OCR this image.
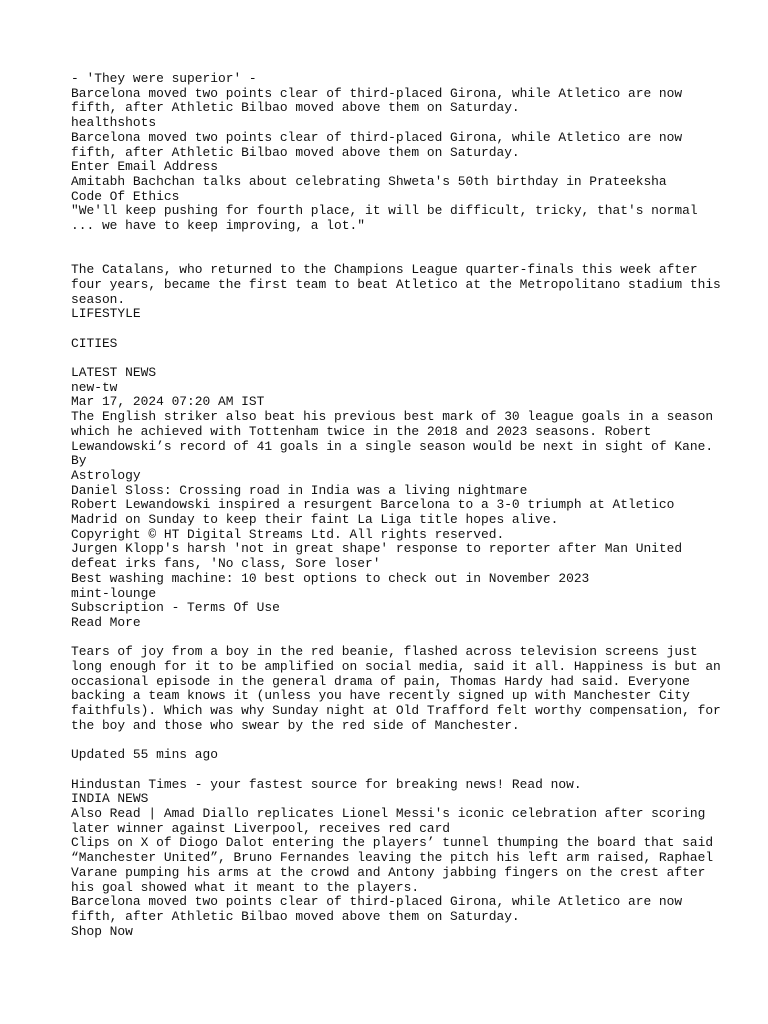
- 'They were superior' -
Barcelona moved two points clear of third-placed Girona, while Atletico are now fifth, after Athletic Bilbao moved above them on Saturday.
healthshots
Barcelona moved two points clear of third-placed Girona, while Atletico are now fifth, after Athletic Bilbao moved above them on Saturday.
Enter Email Address
Amitabh Bachchan talks about celebrating Shweta's 50th birthday in Prateeksha
Code Of Ethics
"We'll keep pushing for fourth place, it will be difficult, tricky, that's normal ... we have to keep improving, a lot."
The Catalans, who returned to the Champions League quarter-finals this week after four years, became the first team to beat Atletico at the Metropolitano stadium this season.
LIFESTYLE
CITIES
LATEST NEWS
new-tw
Mar 17, 2024 07:20 AM IST
The English striker also beat his previous best mark of 30 league goals in a season which he achieved with Tottenham twice in the 2018 and 2023 seasons. Robert Lewandowski’s record of 41 goals in a single season would be next in sight of Kane.
By
Astrology
Daniel Sloss: Crossing road in India was a living nightmare
Robert Lewandowski inspired a resurgent Barcelona to a 3-0 triumph at Atletico Madrid on Sunday to keep their faint La Liga title hopes alive.
Copyright © HT Digital Streams Ltd. All rights reserved.
Jurgen Klopp's harsh 'not in great shape' response to reporter after Man United defeat irks fans, 'No class, Sore loser'
Best washing machine: 10 best options to check out in November 2023
mint-lounge
Subscription - Terms Of Use
Read More
Tears of joy from a boy in the red beanie, flashed across television screens just long enough for it to be amplified on social media, said it all. Happiness is but an occasional episode in the general drama of pain, Thomas Hardy had said. Everyone backing a team knows it (unless you have recently signed up with Manchester City faithfuls). Which was why Sunday night at Old Trafford felt worthy compensation, for the boy and those who swear by the red side of Manchester.
Updated 55 mins ago
Hindustan Times - your fastest source for breaking news! Read now.
INDIA NEWS
Also Read | Amad Diallo replicates Lionel Messi's iconic celebration after scoring later winner against Liverpool, receives red card
Clips on X of Diogo Dalot entering the players’ tunnel thumping the board that said “Manchester United”, Bruno Fernandes leaving the pitch his left arm raised, Raphael Varane pumping his arms at the crowd and Antony jabbing fingers on the crest after his goal showed what it meant to the players.
Barcelona moved two points clear of third-placed Girona, while Atletico are now fifth, after Athletic Bilbao moved above them on Saturday.
Shop Now
